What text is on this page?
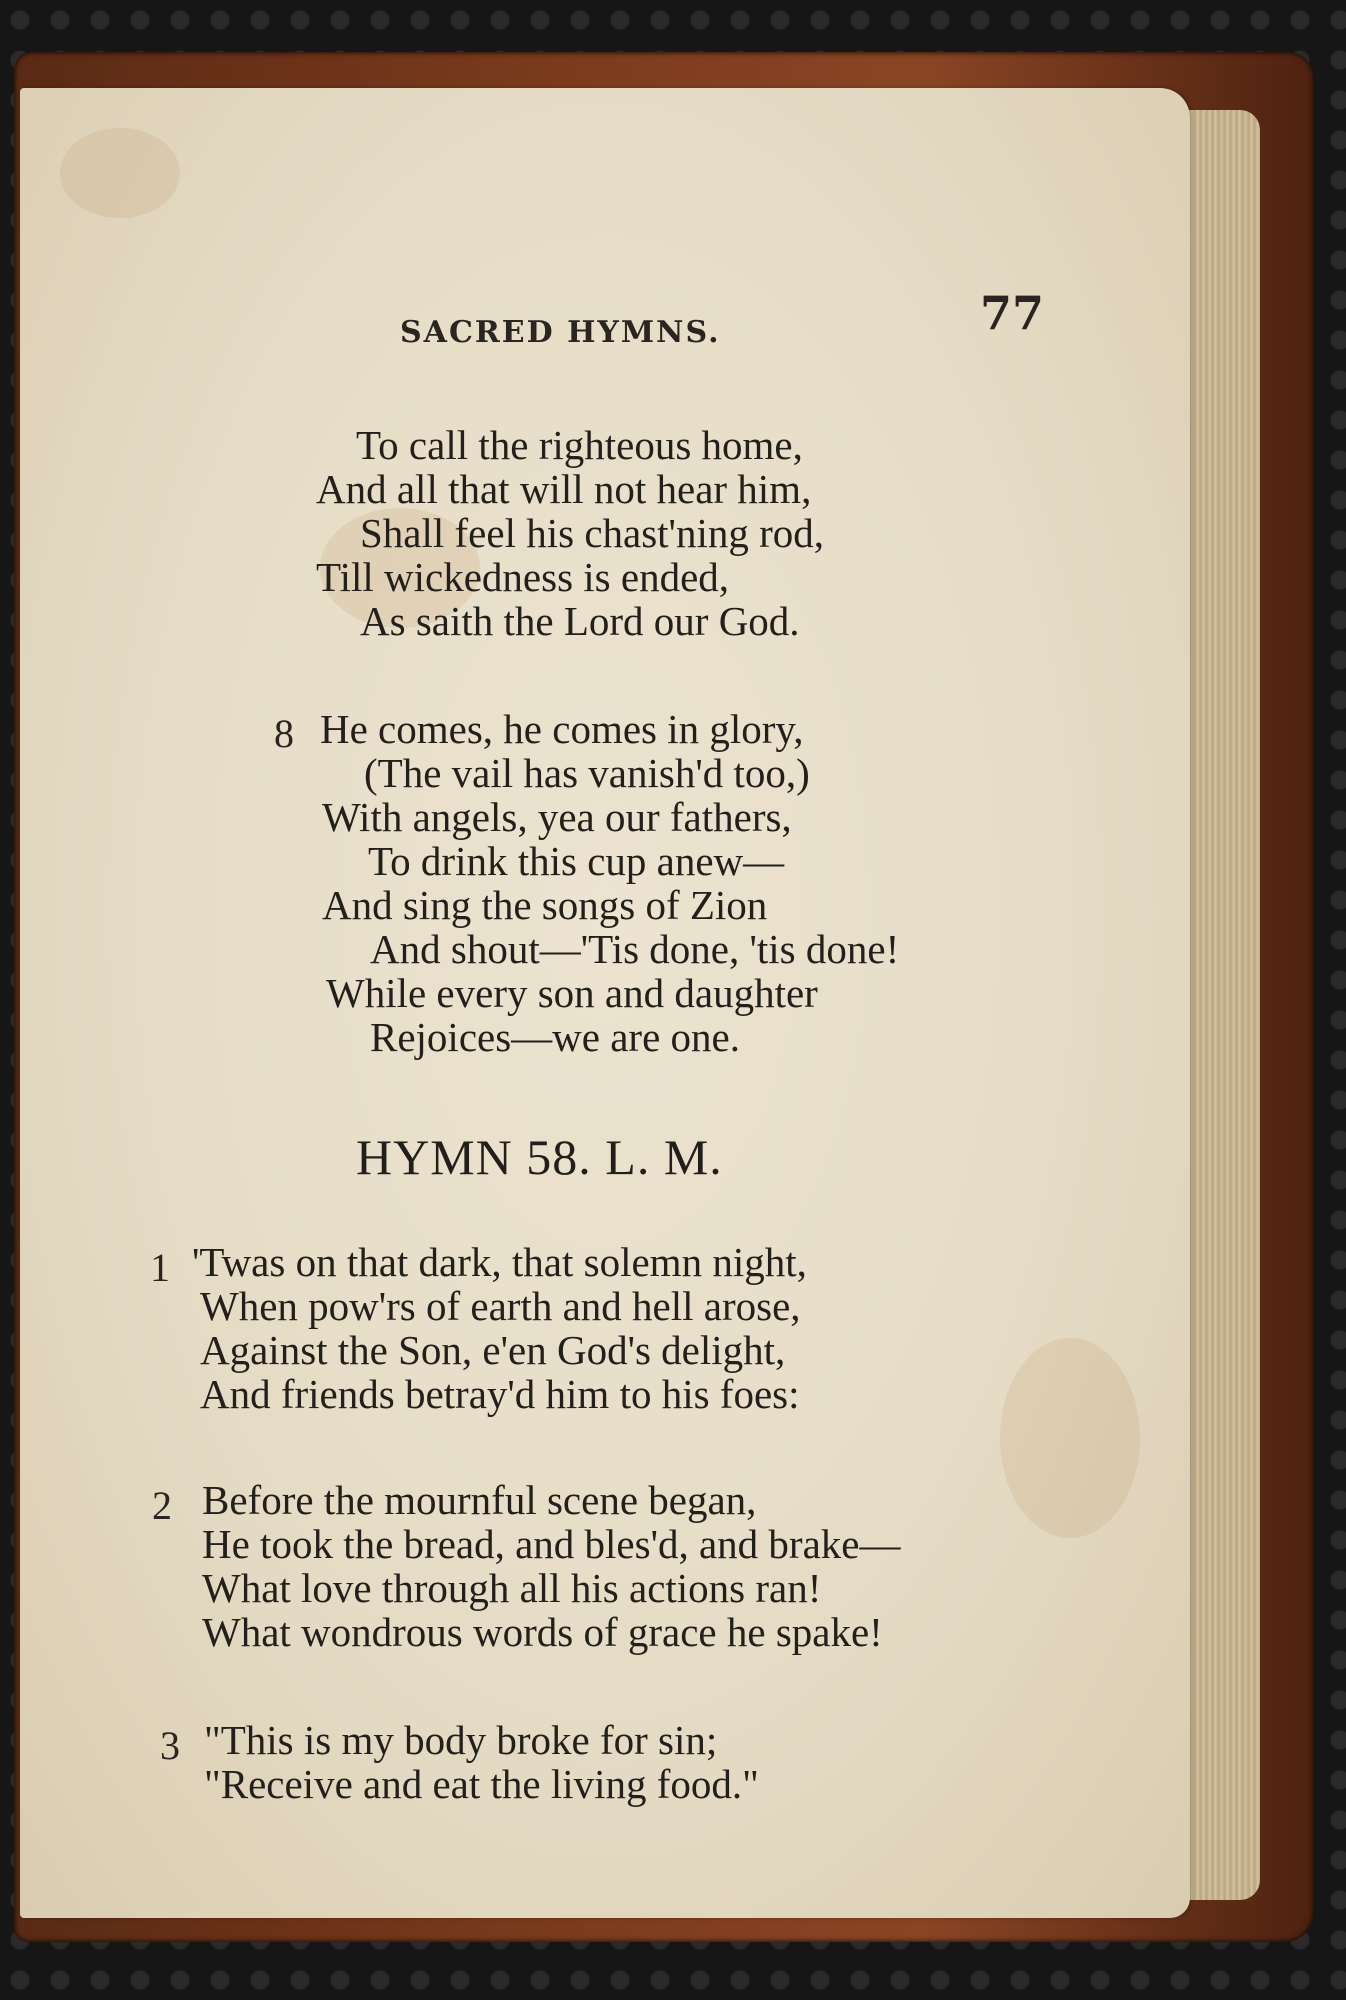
SACRED HYMNS.	77
To call the righteous home,
And all that will not hear him,
Shall feel his chast'ning rod,
Till wickedness is ended,
As saith the Lord our God.
8 He comes, he comes in glory,
(The vail has vanish'd too,)
With angels, yea our fathers,
To drink this cup anew—
And sing the songs of Zion
And shout—'Tis done, 'tis done!
While every son and daughter
Rejoices—we are one.
HYMN 58. L. M.
1 'Twas on that dark, that solemn night,
When pow'rs of earth and hell arose,
Against the Son, e'en God's delight,
And friends betray'd him to his foes:
2 Before the mournful scene began,
He took the bread, and bles'd, and brake—
What love through all his actions ran!
What wondrous words of grace he spake!
3 "This is my body broke for sin;
"Receive and eat the living food."
